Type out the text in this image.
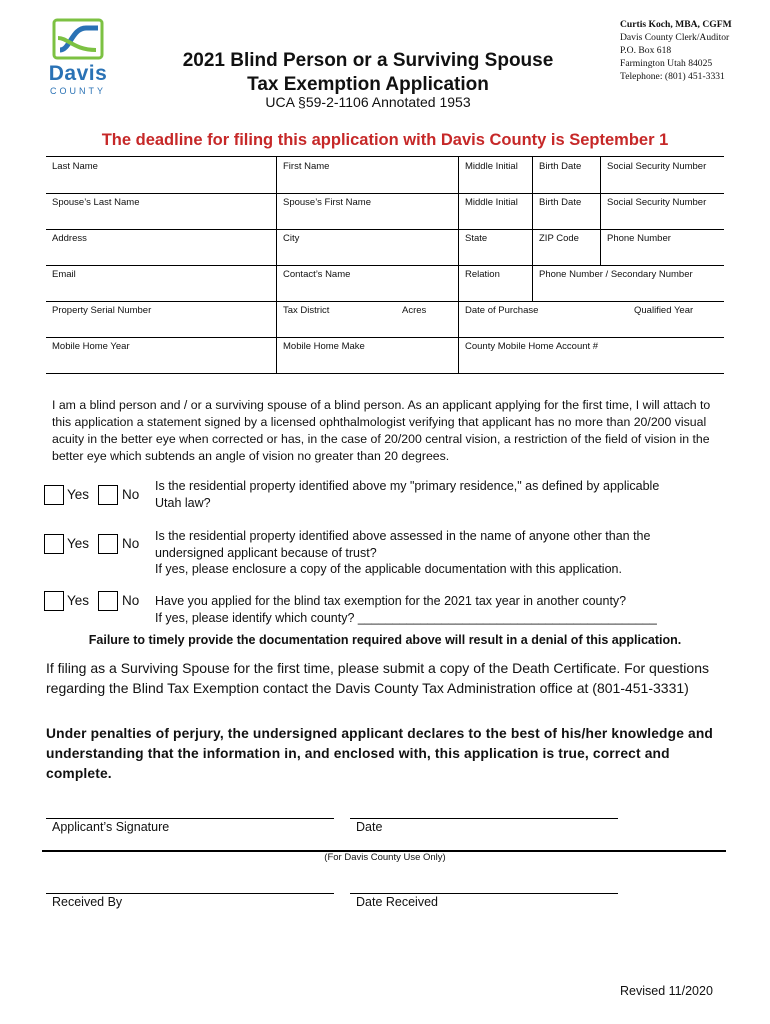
Davis
COUNTY
2021 Blind Person or a Surviving Spouse
Tax Exemption Application
UCA §59-2-1106 Annotated 1953
Curtis Koch, MBA, CGFM
Davis County Clerk/Auditor
P.O. Box 618
Farmington Utah 84025
Telephone: (801) 451-3331
The deadline for filing this application with Davis County is September 1
Last Name	First Name	Middle Initial	Birth Date	Social Security Number
Spouse’s Last Name	Spouse’s First Name	Middle Initial	Birth Date	Social Security Number
Address	City	State	ZIP Code	Phone Number
Email	Contact’s Name	Relation	Phone Number / Secondary Number
Property Serial Number	Tax District	Acres	Date of Purchase	Qualified Year
Mobile Home Year	Mobile Home Make	County Mobile Home Account #
I am a blind person and / or a surviving spouse of a blind person. As an applicant applying for the first time, I will attach to this application a statement signed by a licensed ophthalmologist verifying that applicant has no more than 20/200 visual acuity in the better eye when corrected or has, in the case of 20/200 central vision, a restriction of the field of vision in the better eye which subtends an angle of vision no greater than 20 degrees.
Yes No
Is the residential property identified above my "primary residence," as defined by applicable
Utah law?
Yes No Is the residential property identified above assessed in the name of anyone other than the
undersigned applicant because of trust?
If yes, please enclosure a copy of the applicable documentation with this application.
Yes No Have you applied for the blind tax exemption for the 2021 tax year in another county?
If yes, please identify which county? ___________________________________________
Failure to timely provide the documentation required above will result in a denial of this application.
If filing as a Surviving Spouse for the first time, please submit a copy of the Death Certificate. For questions regarding the Blind Tax Exemption contact the Davis County Tax Administration office at (801-451-3331)
Under penalties of perjury, the undersigned applicant declares to the best of his/her knowledge and understanding that the information in, and enclosed with, this application is true, correct and complete.
Applicant’s Signature	Date
(For Davis County Use Only)
Received By	Date Received
Revised 11/2020
